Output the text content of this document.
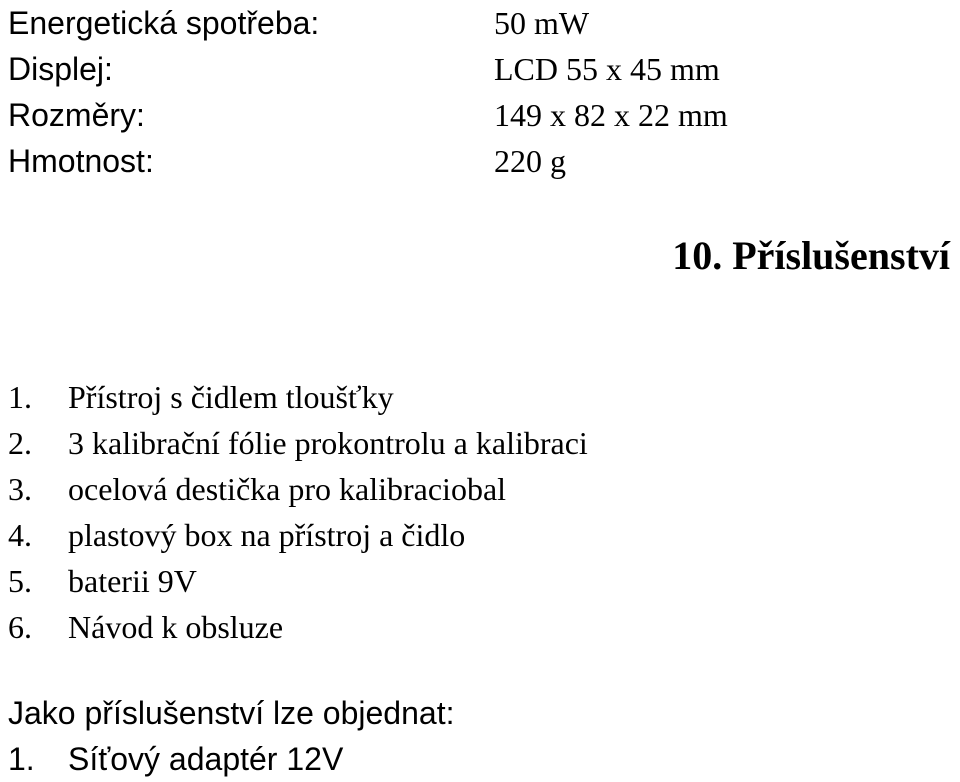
Energetická spotřeba:	50 mW
Displej:	LCD 55 x 45 mm
Rozměry:	149 x 82 x 22 mm
Hmotnost:	220 g
10. Příslušenství
1. Přístroj s čidlem tloušťky
2. 3 kalibrační fólie prokontrolu a kalibraci
3. ocelová destička pro kalibraciobal
4. plastový box na přístroj a čidlo
5. baterii 9V
6. Návod k obsluze
Jako příslušenství lze objednat:
1. Síťový adaptér 12V
